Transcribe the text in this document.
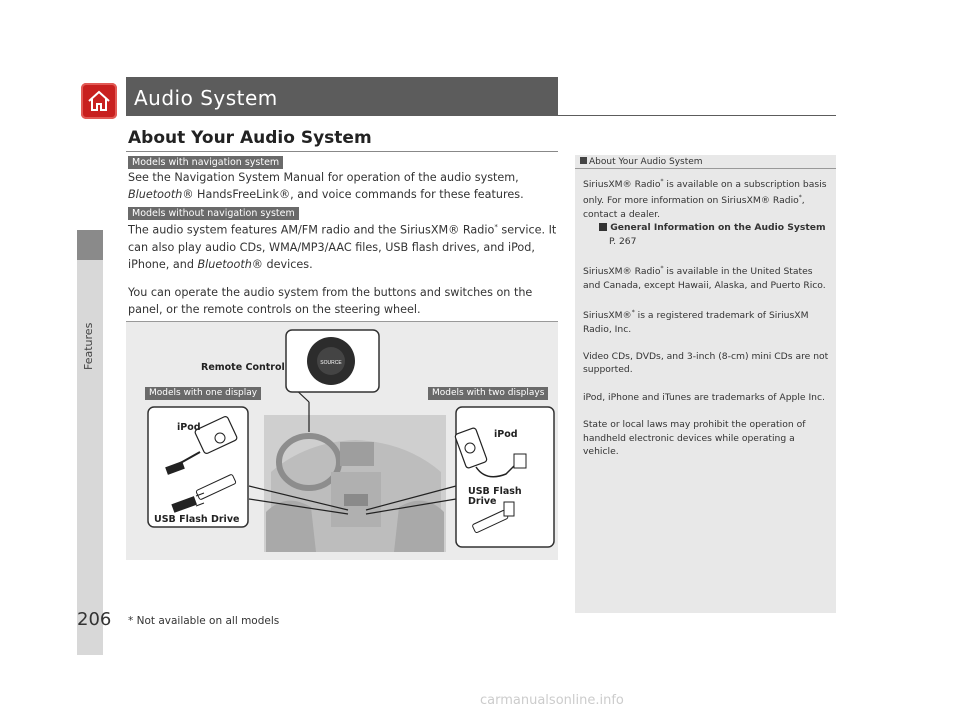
Features
Audio System
About Your Audio System
Models with navigation system
See the Navigation System Manual for operation of the audio system, Bluetooth® HandsFreeLink®, and voice commands for these features.
Models without navigation system
The audio system features AM/FM radio and the SiriusXM® Radio* service. It can also play audio CDs, WMA/MP3/AAC files, USB flash drives, and iPod, iPhone, and Bluetooth® devices.
You can operate the audio system from the buttons and switches on the panel, or the remote controls on the steering wheel.
SOURCE
MENU
Remote Control
Models with one display	Models with two displays
iPod
USB Flash Drive
iPod
USB Flash
Drive
About Your Audio System

SiriusXM® Radio* is available on a subscription basis only. For more information on SiriusXM® Radio*, contact a dealer.
General Information on the Audio System
P. 267

SiriusXM® Radio* is available in the United States and Canada, except Hawaii, Alaska, and Puerto Rico.

SiriusXM®* is a registered trademark of SiriusXM Radio, Inc.

Video CDs, DVDs, and 3-inch (8-cm) mini CDs are not supported.

iPod, iPhone and iTunes are trademarks of Apple Inc.

State or local laws may prohibit the operation of handheld electronic devices while operating a vehicle.

206 * Not available on all models
carmanualsonline.info
